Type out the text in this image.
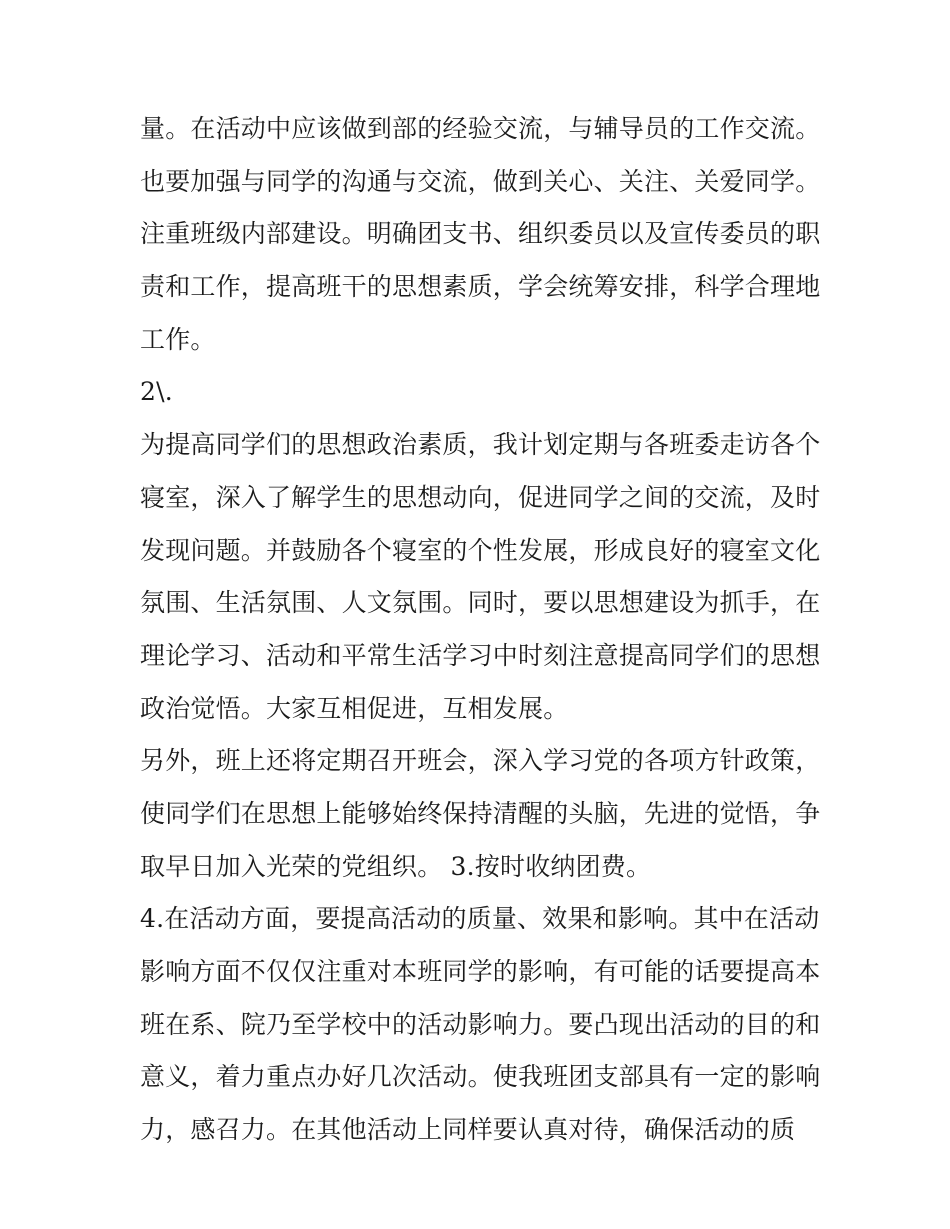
量。在活动中应该做到部的经验交流，与辅导员的工作交流。
也要加强与同学的沟通与交流，做到关心、关注、关爱同学。
注重班级内部建设。明确团支书、组织委员以及宣传委员的职
责和工作，提高班干的思想素质，学会统筹安排，科学合理地
工作。
2\.
为提高同学们的思想政治素质，我计划定期与各班委走访各个
寝室，深入了解学生的思想动向，促进同学之间的交流，及时
发现问题。并鼓励各个寝室的个性发展，形成良好的寝室文化
氛围、生活氛围、人文氛围。同时，要以思想建设为抓手，在
理论学习、活动和平常生活学习中时刻注意提高同学们的思想
政治觉悟。大家互相促进，互相发展。
另外，班上还将定期召开班会，深入学习党的各项方针政策，
使同学们在思想上能够始终保持清醒的头脑，先进的觉悟，争
取早日加入光荣的党组织。 3.按时收纳团费。
4.在活动方面，要提高活动的质量、效果和影响。其中在活动
影响方面不仅仅注重对本班同学的影响，有可能的话要提高本
班在系、院乃至学校中的活动影响力。要凸现出活动的目的和
意义，着力重点办好几次活动。使我班团支部具有一定的影响
力，感召力。在其他活动上同样要认真对待，确保活动的质
